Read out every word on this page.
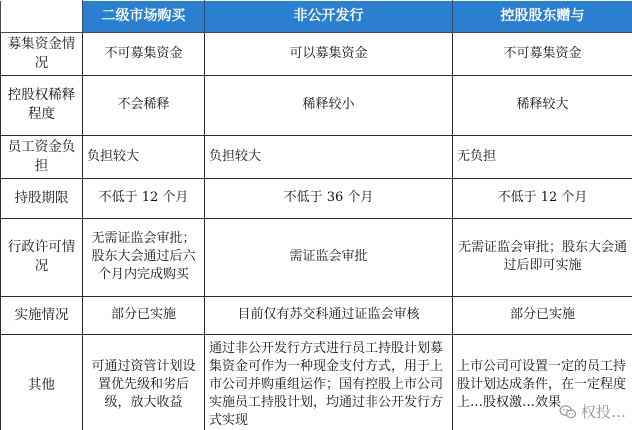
	二级市场购买	非公开发行	控股股东赠与
募集资金情况	不可募集资金	可以募集资金	不可募集资金
控股权稀释程度	不会稀释	稀释较小	稀释较大
员工资金负担	负担较大	负担较大	无负担
持股期限	不低于 12 个月	不低于 36 个月	不低于 12 个月
行政许可情况	无需证监会审批；股东大会通过后六个月内完成购买	需证监会审批	无需证监会审批；股东大会通过后即可实施
实施情况	部分已实施	目前仅有苏交科通过证监会审核	部分已实施
其他	可通过资管计划设置优先级和劣后级，放大收益	通过非公开发行方式进行员工持股计划募集资金可作为一种现金支付方式，用于上市公司并购重组运作；国有控股上市公司实施员工持股计划，均通过非公开发行方式实现	上市公司可设置一定的员工持股计划达成条件，在一定程度上…股权激…效果
权投…
